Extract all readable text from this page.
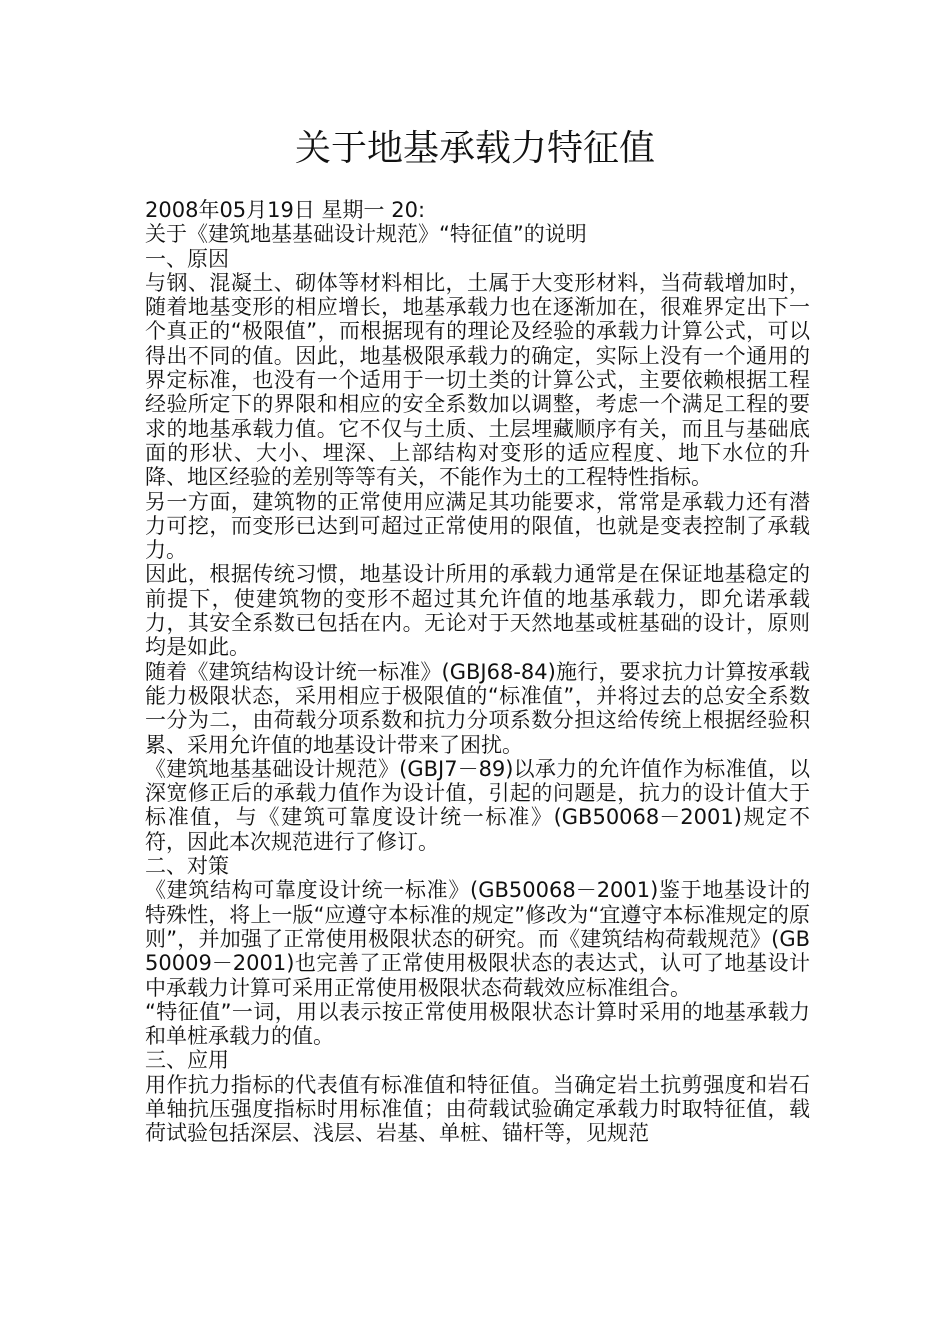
关于地基承载力特征值

2008年05月19日 星期一 20:

关于《建筑地基基础设计规范》“特征值”的说明

一、原因

与钢、混凝土、砌体等材料相比，土属于大变形材料，当荷载增加时，随着地基变形的相应增长，地基承载力也在逐渐加在，很难界定出下一个真正的“极限值”，而根据现有的理论及经验的承载力计算公式，可以得出不同的值。因此，地基极限承载力的确定，实际上没有一个通用的界定标准，也没有一个适用于一切土类的计算公式，主要依赖根据工程经验所定下的界限和相应的安全系数加以调整，考虑一个满足工程的要求的地基承载力值。它不仅与土质、土层埋藏顺序有关，而且与基础底面的形状、大小、埋深、上部结构对变形的适应程度、地下水位的升降、地区经验的差别等等有关，不能作为土的工程特性指标。

另一方面，建筑物的正常使用应满足其功能要求，常常是承载力还有潜力可挖，而变形已达到可超过正常使用的限值，也就是变表控制了承载力。

因此，根据传统习惯，地基设计所用的承载力通常是在保证地基稳定的前提下，使建筑物的变形不超过其允许值的地基承载力，即允诺承载力，其安全系数已包括在内。无论对于天然地基或桩基础的设计，原则均是如此。

随着《建筑结构设计统一标准》(GBJ68-84)施行，要求抗力计算按承载能力极限状态，采用相应于极限值的“标准值”，并将过去的总安全系数一分为二，由荷载分项系数和抗力分项系数分担这给传统上根据经验积累、采用允许值的地基设计带来了困扰。

《建筑地基基础设计规范》(GBJ7－89)以承力的允许值作为标准值，以深宽修正后的承载力值作为设计值，引起的问题是，抗力的设计值大于标准值，与《建筑可靠度设计统一标准》(GB50068－2001)规定不符，因此本次规范进行了修订。

二、对策

《建筑结构可靠度设计统一标准》(GB50068－2001)鉴于地基设计的特殊性，将上一版“应遵守本标准的规定”修改为“宜遵守本标准规定的原则”，并加强了正常使用极限状态的研究。而《建筑结构荷载规范》(GB50009－2001)也完善了正常使用极限状态的表达式，认可了地基设计中承载力计算可采用正常使用极限状态荷载效应标准组合。

“特征值”一词，用以表示按正常使用极限状态计算时采用的地基承载力和单桩承载力的值。

三、应用

用作抗力指标的代表值有标准值和特征值。当确定岩土抗剪强度和岩石单轴抗压强度指标时用标准值；由荷载试验确定承载力时取特征值，载荷试验包括深层、浅层、岩基、单桩、锚杆等，见规范
